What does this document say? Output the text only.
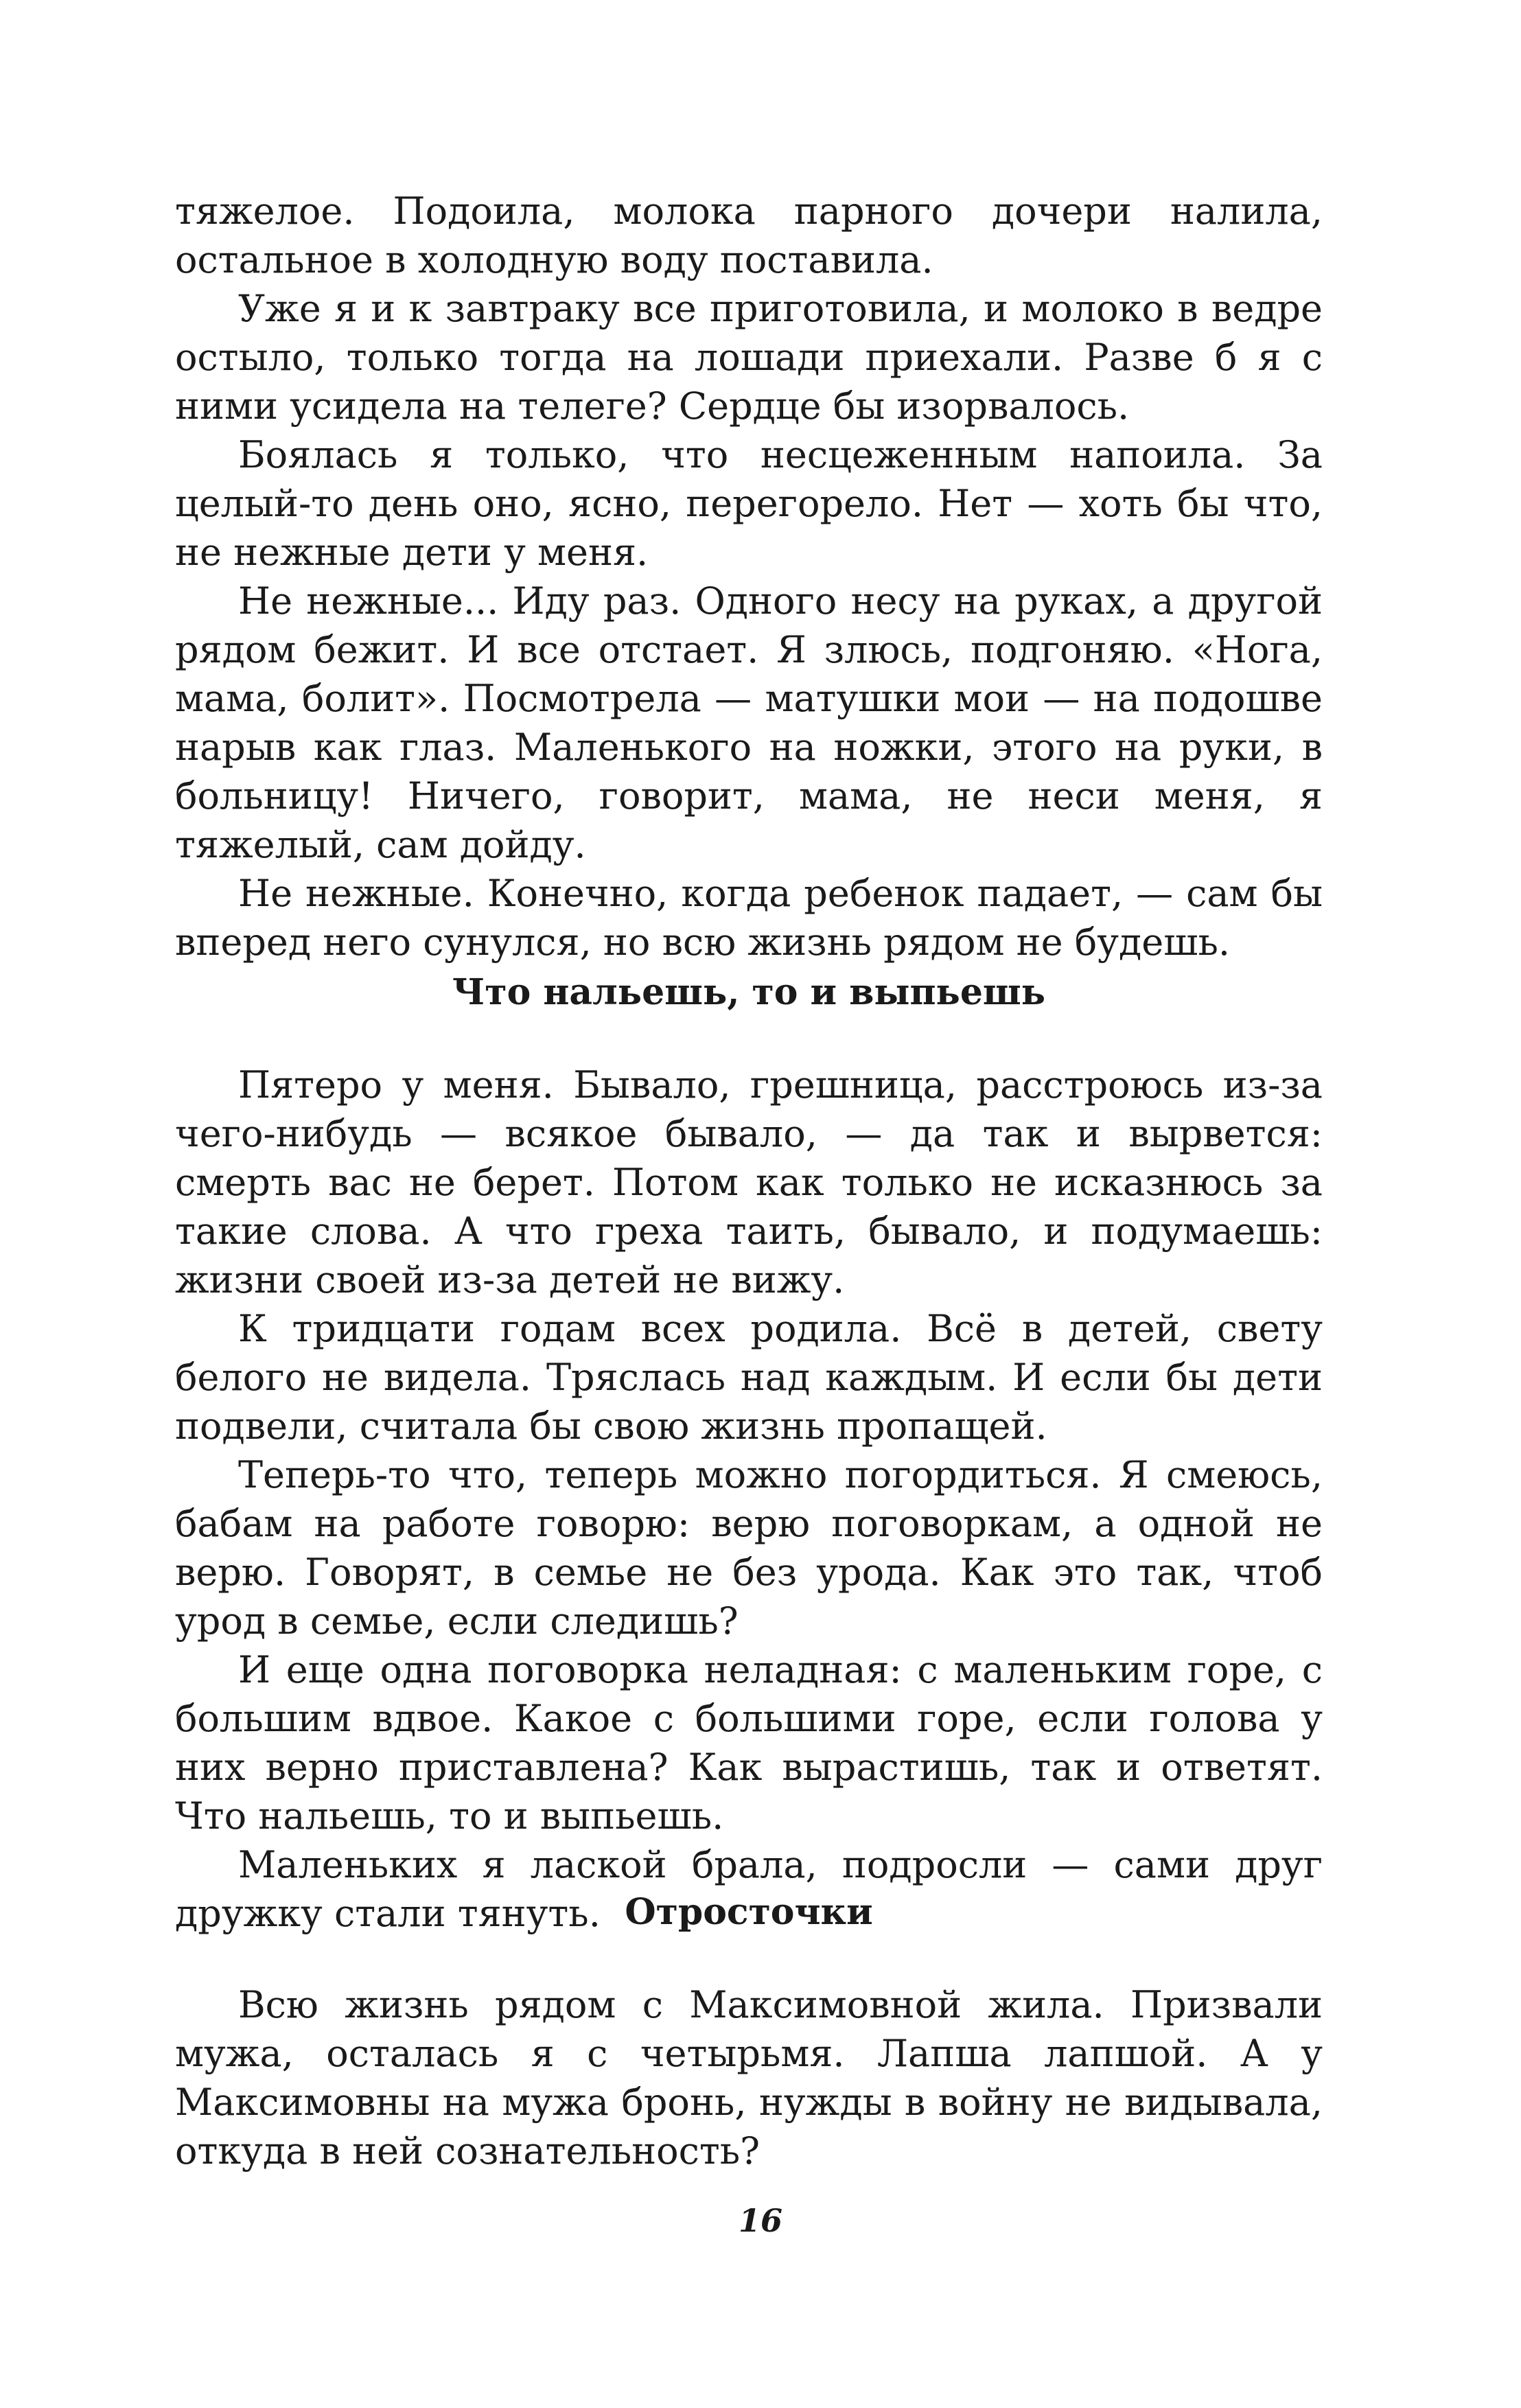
тяжелое. Подоила, молока парного дочери налила, остальное в холодную воду поставила.

Уже я и к завтраку все приготовила, и молоко в ведре остыло, только тогда на лошади приехали. Разве б я с ними усидела на телеге? Сердце бы изорвалось.

Боялась я только, что несцеженным напоила. За целый-то день оно, ясно, перегорело. Нет — хоть бы что, не нежные дети у меня.

Не нежные... Иду раз. Одного несу на руках, а другой рядом бежит. И все отстает. Я злюсь, подгоняю. «Нога, мама, болит». Посмотрела — матушки мои — на подошве нарыв как глаз. Маленького на ножки, этого на руки, в больницу! Ничего, говорит, мама, не неси меня, я тяжелый, сам дойду.

Не нежные. Конечно, когда ребенок падает, — сам бы вперед него сунулся, но всю жизнь рядом не будешь.

Что нальешь, то и выпьешь

Пятеро у меня. Бывало, грешница, расстроюсь из-за чего-нибудь — всякое бывало, — да так и вырвется: смерть вас не берет. Потом как только не исказнюсь за такие слова. А что греха таить, бывало, и подумаешь: жизни своей из-за детей не вижу.

К тридцати годам всех родила. Всё в детей, свету белого не видела. Тряслась над каждым. И если бы дети подвели, считала бы свою жизнь пропащей.

Теперь-то что, теперь можно погордиться. Я смеюсь, бабам на работе говорю: верю поговоркам, а одной не верю. Говорят, в семье не без урода. Как это так, чтоб урод в семье, если следишь?

И еще одна поговорка неладная: с маленьким горе, с большим вдвое. Какое с большими горе, если голова у них верно приставлена? Как вырастишь, так и ответят. Что нальешь, то и выпьешь.

Маленьких я лаской брала, подросли — сами друг дружку стали тянуть. Отросточки

Всю жизнь рядом с Максимовной жила. Призвали мужа, осталась я с четырьмя. Лапша лапшой. А у Максимовны на мужа бронь, нужды в войну не видывала, откуда в ней сознательность?

16
